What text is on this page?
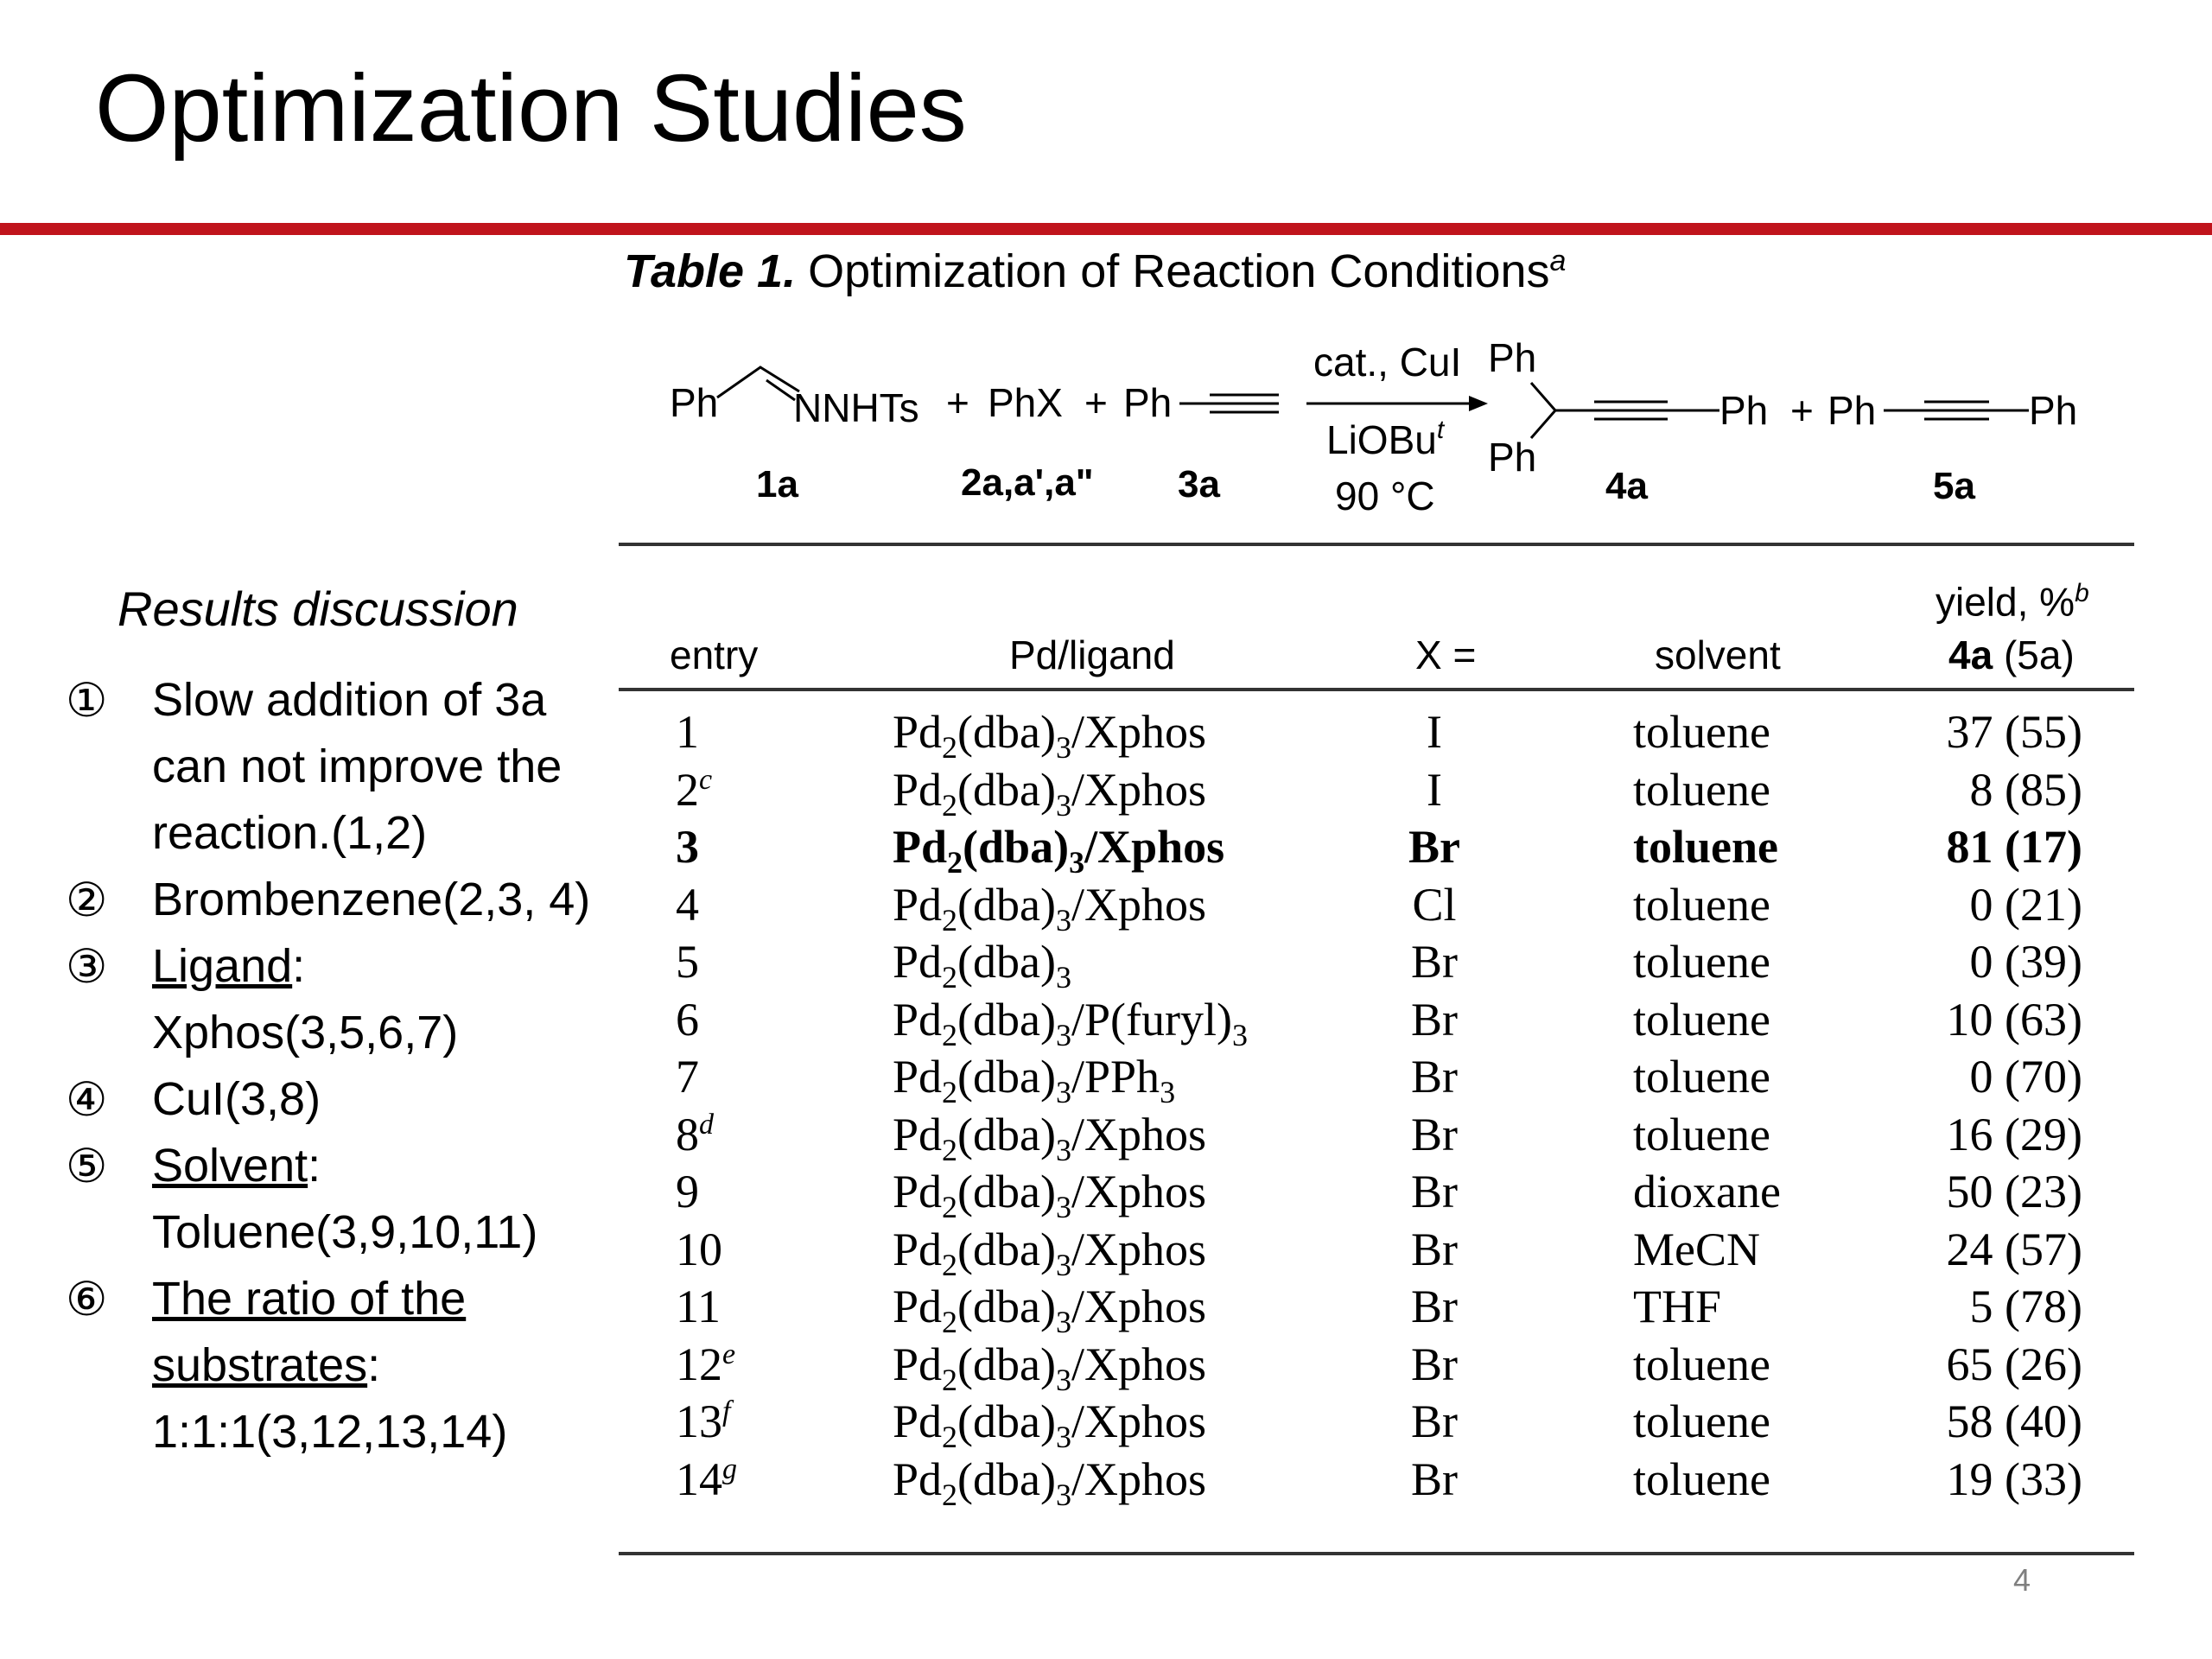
Optimization Studies
Table 1. Optimization of Reaction Conditions$^a$
Ph NNHTs + PhX + Ph
cat., CuI
LiOBu$^t$
90 °C
Ph
Ph
Ph + Ph	Ph
1a	2a,a',a" 3a	4a	5a
entry	Pd/ligand	X =	solvent
yield, %$^b$
4a (5a)
1	$Pd_2(dba)_3$/Xphos	I	toluene	37 (55)
2$^c$	$Pd_2(dba)_3$/Xphos	I	toluene	8 (85)
3	$Pd_2(dba)_3$/Xphos	Br	toluene	81 (17)
4	$Pd_2(dba)_3$/Xphos	Cl	toluene	0 (21)
5	$Pd_2(dba)_3$	Br	toluene	0 (39)
6	$Pd_2(dba)_3/P(furyl)_3$	Br	toluene	10 (63)
7	$Pd_2(dba)_3/PPh_3$	Br	toluene	0 (70)
8$^d$	$Pd_2(dba)_3$/Xphos	Br	toluene	16 (29)
9	$Pd_2(dba)_3$/Xphos	Br	dioxane	50 (23)
10	$Pd_2(dba)_3$/Xphos	Br	MeCN	24 (57)
11	$Pd_2(dba)_3$/Xphos	Br	THF	5 (78)
12e	$Pd_2(dba)_3$/Xphos	Br	toluene	65 (26)
13$^f$	$Pd_2(dba)_3$/Xphos	Br	toluene	58 (40)
14$^g$	$Pd_2(dba)_3$/Xphos	Br	toluene	19 (33)
Results discussion
① Slow addition of 3a can not improve the reaction.(1,2)
② Brombenzene(2,3, 4)
③ Ligand: Xphos(3,5,6,7)
④ CuI(3,8)
⑤ Solvent: Toluene(3,9,10,11)
⑥ The ratio of the substrates: 1:1:1(3,12,13,14)
4
